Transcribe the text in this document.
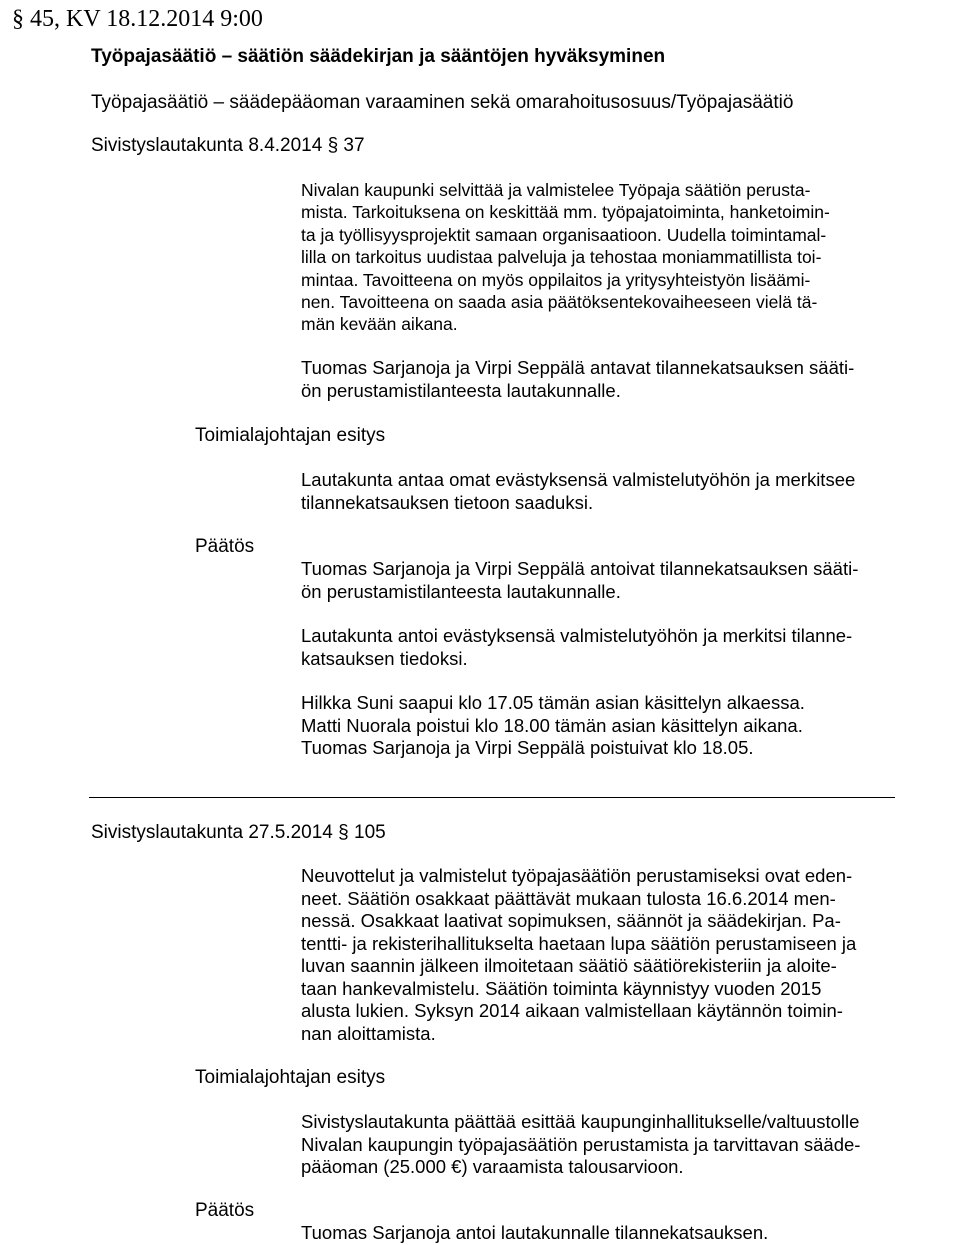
§ 45, KV 18.12.2014 9:00
Työpajasäätiö – säätiön säädekirjan ja sääntöjen hyväksyminen
Työpajasäätiö – säädepääoman varaaminen sekä omarahoitusosuus/Työpajasäätiö
Sivistyslautakunta 8.4.2014 § 37
Nivalan kaupunki selvittää ja valmistelee Työpaja säätiön perusta-
mista. Tarkoituksena on keskittää mm. työpajatoiminta, hanketoimin-
ta ja työllisyysprojektit samaan organisaatioon. Uudella toimintamal-
lilla on tarkoitus uudistaa palveluja ja tehostaa moniammatillista toi-
mintaa. Tavoitteena on myös oppilaitos ja yritysyhteistyön lisäämi-
nen. Tavoitteena on saada asia päätöksentekovaiheeseen vielä tä-
män kevään aikana.
Tuomas Sarjanoja ja Virpi Seppälä antavat tilannekatsauksen sääti-
ön perustamistilanteesta lautakunnalle.
Toimialajohtajan esitys
Lautakunta antaa omat evästyksensä valmistelutyöhön ja merkitsee
tilannekatsauksen tietoon saaduksi.
Päätös
Tuomas Sarjanoja ja Virpi Seppälä antoivat tilannekatsauksen sääti-
ön perustamistilanteesta lautakunnalle.
Lautakunta antoi evästyksensä valmistelutyöhön ja merkitsi tilanne-
katsauksen tiedoksi.
Hilkka Suni saapui klo 17.05 tämän asian käsittelyn alkaessa.
Matti Nuorala poistui klo 18.00 tämän asian käsittelyn aikana.
Tuomas Sarjanoja ja Virpi Seppälä poistuivat klo 18.05.
Sivistyslautakunta 27.5.2014 § 105
Neuvottelut ja valmistelut työpajasäätiön perustamiseksi ovat eden-
neet. Säätiön osakkaat päättävät mukaan tulosta 16.6.2014 men-
nessä. Osakkaat laativat sopimuksen, säännöt ja säädekirjan. Pa-
tentti- ja rekisterihallitukselta haetaan lupa säätiön perustamiseen ja
luvan saannin jälkeen ilmoitetaan säätiö säätiörekisteriin ja aloite-
taan hankevalmistelu. Säätiön toiminta käynnistyy vuoden 2015
alusta lukien. Syksyn 2014 aikaan valmistellaan käytännön toimin-
nan aloittamista.
Toimialajohtajan esitys
Sivistyslautakunta päättää esittää kaupunginhallitukselle/valtuustolle
Nivalan kaupungin työpajasäätiön perustamista ja tarvittavan sääde-
pääoman (25.000 €) varaamista talousarvioon.
Päätös
Tuomas Sarjanoja antoi lautakunnalle tilannekatsauksen.
